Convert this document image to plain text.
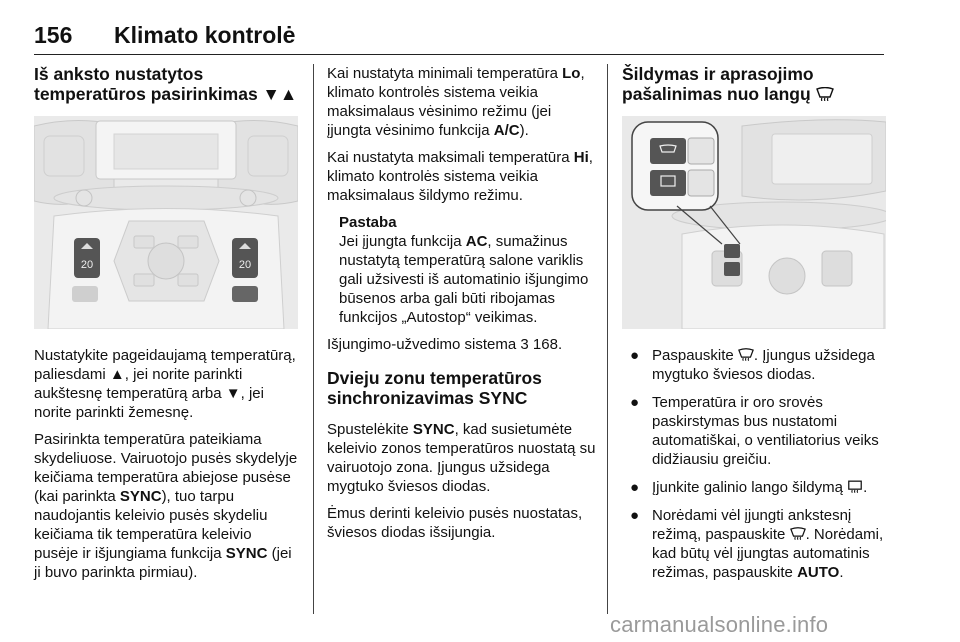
156 Klimato kontrolė
Iš anksto nustatytos
temperatūros pasirinkimas ▼▲
20	20

Nustatykite pageidaujamą temperatūrą, paliesdami ▲, jei norite parinkti aukštesnę temperatūrą arba ▼, jei norite parinkti žemesnę.

Pasirinkta temperatūra pateikiama skydeliuose. Vairuotojo pusės skydelyje keičiama temperatūra abiejose pusėse (kai parinkta SYNC), tuo tarpu naudojantis keleivio pusės skydeliu keičiama tik temperatūra keleivio pusėje ir išjungiama funkcija SYNC (jei ji buvo parinkta pirmiau).

Kai nustatyta minimali temperatūra Lo, klimato kontrolės sistema veikia maksimalaus vėsinimo režimu (jei įjungta vėsinimo funkcija A/C).

Kai nustatyta maksimali temperatūra Hi, klimato kontrolės sistema veikia maksimalaus šildymo režimu.

Pastaba

Jei įjungta funkcija AC, sumažinus nustatytą temperatūrą salone variklis gali užsivesti iš automatinio išjungimo būsenos arba gali būti ribojamas funkcijos „Autostop“ veikimas.

Išjungimo-užvedimo sistema 3 168.

Dvieju zonu temperatūros
sinchronizavimas SYNC

Spustelėkite SYNC, kad susietumėte keleivio zonos temperatūros nuostatą su vairuotojo zona. Įjungus užsidega mygtuko šviesos diodas.

Ėmus derinti keleivio pusės nuostatas, šviesos diodas išsijungia.

Šildymas ir aprasojimo
pašalinimas nuo langų
● Paspauskite . Įjungus užsidega mygtuko šviesos diodas.
● Temperatūra ir oro srovės paskirstymas bus nustatomi automatiškai, o ventiliatorius veiks didžiausiu greičiu.
● Įjunkite galinio lango šildymą .
● Norėdami vėl įjungti ankstesnį režimą, paspauskite . Norėdami, kad būtų vėl įjungtas automatinis režimas, paspauskite AUTO.
carmanualsonline.info
